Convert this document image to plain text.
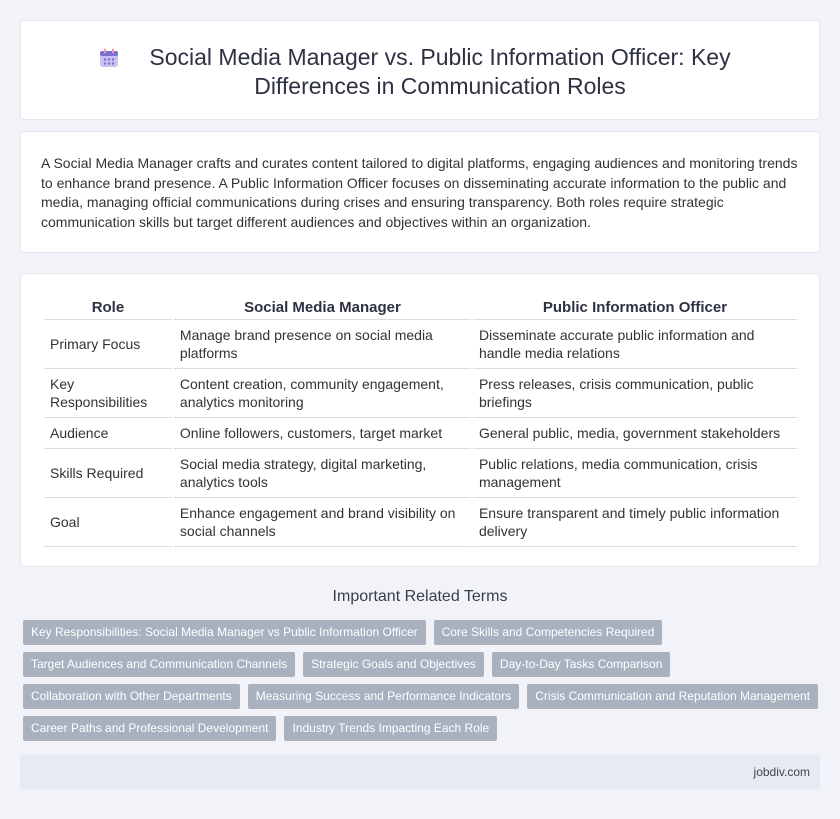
Social Media Manager vs. Public Information Officer: Key
Differences in Communication Roles

A Social Media Manager crafts and curates content tailored to digital platforms, engaging audiences and monitoring trends to enhance brand presence. A Public Information Officer focuses on disseminating accurate information to the public and media, managing official communications during crises and ensuring transparency. Both roles require strategic communication skills but target different audiences and objectives within an organization.

Role	Social Media Manager	Public Information Officer
Primary Focus	Manage brand presence on social media platforms	Disseminate accurate public information and handle media relations
Key Responsibilities	Content creation, community engagement, analytics monitoring	Press releases, crisis communication, public briefings
Audience	Online followers, customers, target market	General public, media, government stakeholders
Skills Required	Social media strategy, digital marketing, analytics tools	Public relations, media communication, crisis management
Goal	Enhance engagement and brand visibility on social channels	Ensure transparent and timely public information delivery
Important Related Terms
Key Responsibilities: Social Media Manager vs Public Information Officer	Core Skills and Competencies Required
Target Audiences and Communication Channels	Strategic Goals and Objectives	Day-to-Day Tasks Comparison
Collaboration with Other Departments	Measuring Success and Performance Indicators	Crisis Communication and Reputation Management
Career Paths and Professional Development	Industry Trends Impacting Each Role
jobdiv.com
